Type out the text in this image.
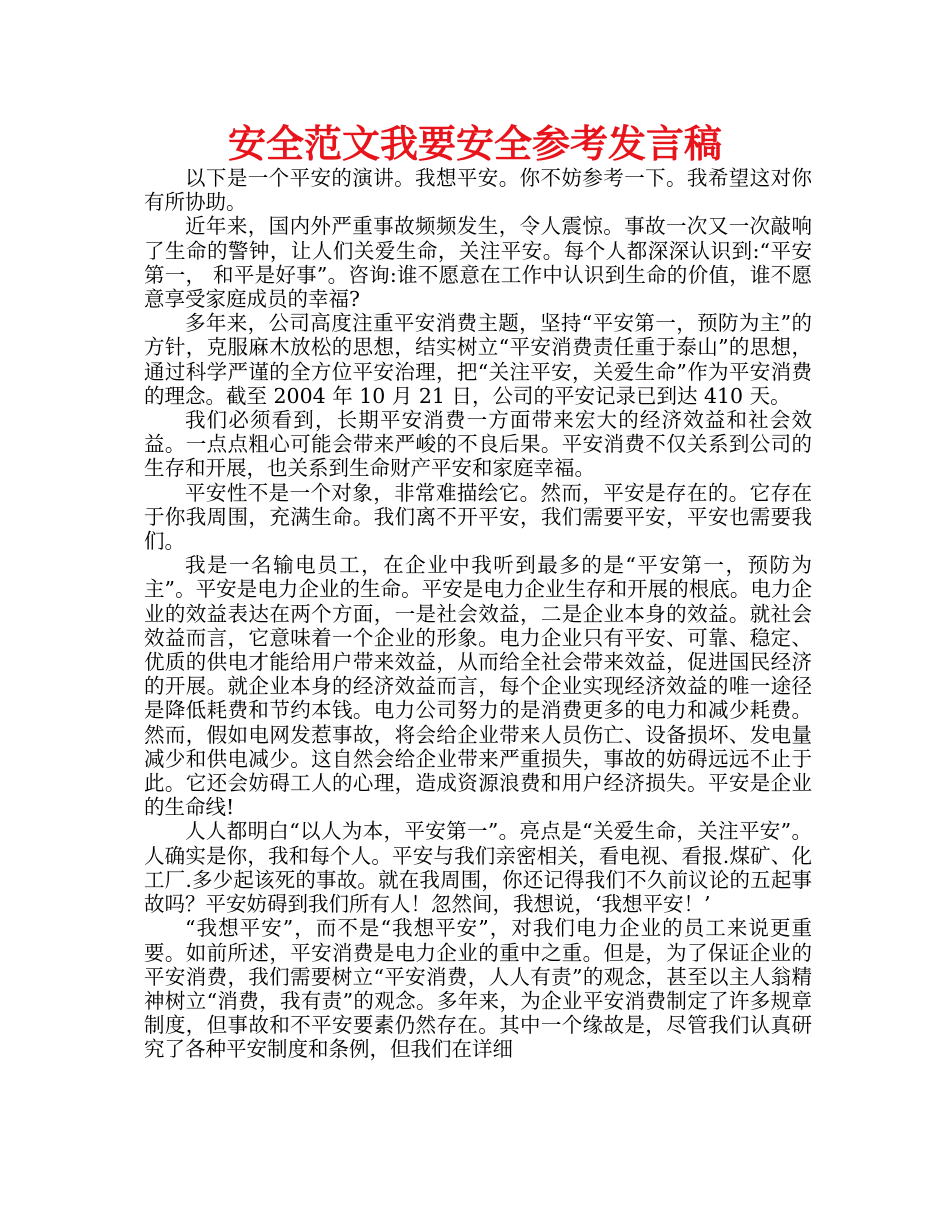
安全范文我要安全参考发言稿

以下是一个平安的演讲。我想平安。你不妨参考一下。我希望这对你有所协助。

近年来，国内外严重事故频频发生，令人震惊。事故一次又一次敲响了生命的警钟，让人们关爱生命，关注平安。每个人都深深认识到:“平安第一， 和平是好事”。咨询:谁不愿意在工作中认识到生命的价值，谁不愿意享受家庭成员的幸福?

多年来，公司高度注重平安消费主题，坚持“平安第一，预防为主”的方针，克服麻木放松的思想，结实树立“平安消费责任重于泰山”的思想，通过科学严谨的全方位平安治理，把“关注平安，关爱生命”作为平安消费的理念。截至 2004 年 10 月 21 日，公司的平安记录已到达 410 天。

我们必须看到，长期平安消费一方面带来宏大的经济效益和社会效益。一点点粗心可能会带来严峻的不良后果。平安消费不仅关系到公司的生存和开展，也关系到生命财产平安和家庭幸福。

平安性不是一个对象，非常难描绘它。然而，平安是存在的。它存在于你我周围，充满生命。我们离不开平安，我们需要平安，平安也需要我们。

我是一名输电员工，在企业中我听到最多的是“平安第一，预防为主”。平安是电力企业的生命。平安是电力企业生存和开展的根底。电力企业的效益表达在两个方面，一是社会效益，二是企业本身的效益。就社会效益而言，它意味着一个企业的形象。电力企业只有平安、可靠、稳定、优质的供电才能给用户带来效益，从而给全社会带来效益，促进国民经济的开展。就企业本身的经济效益而言，每个企业实现经济效益的唯一途径是降低耗费和节约本钱。电力公司努力的是消费更多的电力和减少耗费。然而，假如电网发惹事故，将会给企业带来人员伤亡、设备损坏、发电量减少和供电减少。这自然会给企业带来严重损失，事故的妨碍远远不止于此。它还会妨碍工人的心理，造成资源浪费和用户经济损失。平安是企业的生命线!

人人都明白“以人为本，平安第一”。亮点是“关爱生命，关注平安”。人确实是你，我和每个人。平安与我们亲密相关，看电视、看报.煤矿、化工厂.多少起该死的事故。就在我周围，你还记得我们不久前议论的五起事故吗？平安妨碍到我们所有人！忽然间，我想说，‘我想平安！’

“我想平安”，而不是“我想平安”，对我们电力企业的员工来说更重要。如前所述，平安消费是电力企业的重中之重。但是，为了保证企业的平安消费，我们需要树立“平安消费，人人有责”的观念，甚至以主人翁精神树立“消费，我有责”的观念。多年来，为企业平安消费制定了许多规章制度，但事故和不平安要素仍然存在。其中一个缘故是，尽管我们认真研究了各种平安制度和条例，但我们在详细
